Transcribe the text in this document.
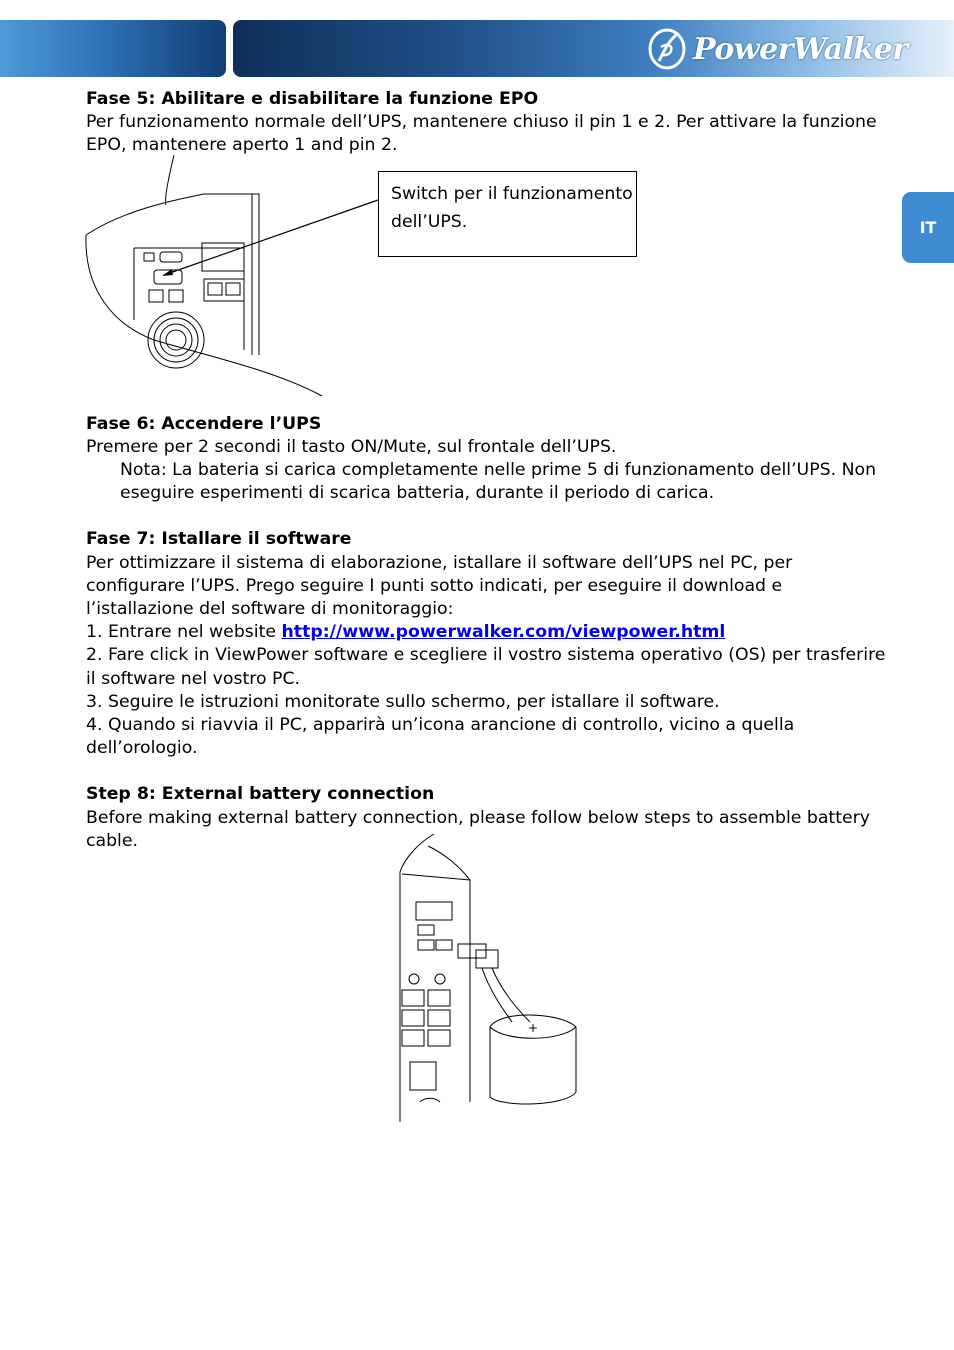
PowerWalker
IT

Fase 5: Abilitare e disabilitare la funzione EPO

Per funzionamento normale dell’UPS, mantenere chiuso il pin 1 e 2. Per attivare la funzione EPO, mantenere aperto 1 and pin 2.

Fase 6: Accendere l’UPS

Premere per 2 secondi il tasto ON/Mute, sul frontale dell’UPS.

Nota: La bateria si carica completamente nelle prime 5 di funzionamento dell’UPS. Non eseguire esperimenti di scarica batteria, durante il periodo di carica.

Fase 7: Istallare il software

Per ottimizzare il sistema di elaborazione, istallare il software dell’UPS nel PC, per configurare l’UPS. Prego seguire I punti sotto indicati, per eseguire il download e l’istallazione del software di monitoraggio:

1. Entrare nel website http://www.powerwalker.com/viewpower.html

2. Fare click in ViewPower software e scegliere il vostro sistema operativo (OS) per trasferire il software nel vostro PC.

3. Seguire le istruzioni monitorate sullo schermo, per istallare il software.

4. Quando si riavvia il PC, apparirà un’icona arancione di controllo, vicino a quella dell’orologio.

Step 8: External battery connection

Before making external battery connection, please follow below steps to assemble battery cable.

Switch per il funzionamento dell’UPS.
+
